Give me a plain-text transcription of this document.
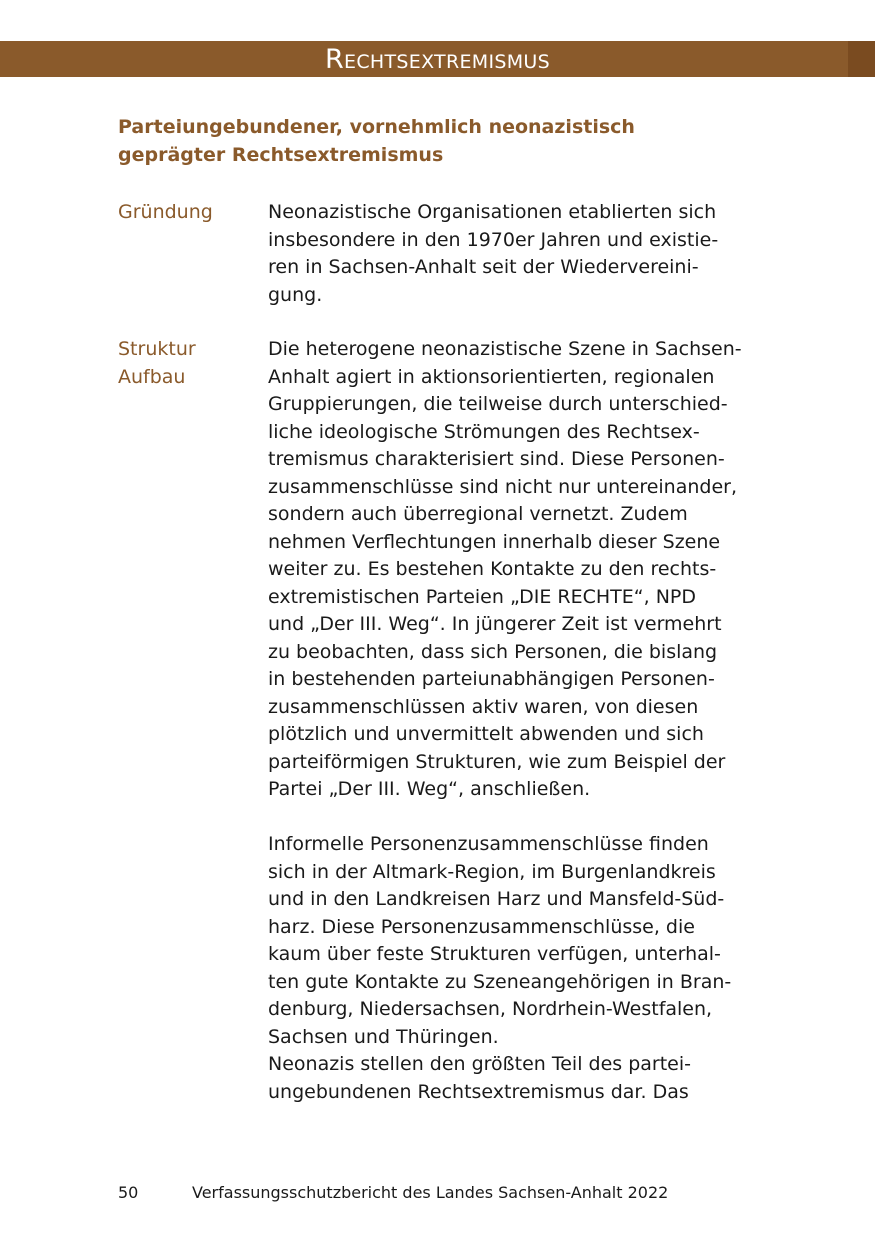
Rechtsextremismus
Parteiungebundener, vornehmlich neonazistisch
geprägter Rechtsextremismus
Gründung	Neonazistische Organisationen etablierten sich
insbesondere in den 1970er Jahren und existie-
ren in Sachsen-Anhalt seit der Wiedervereini-
gung.
Struktur
Aufbau
Die heterogene neonazistische Szene in Sachsen-
Anhalt agiert in aktionsorientierten, regionalen
Gruppierungen, die teilweise durch unterschied-
liche ideologische Strömungen des Rechtsex-
tremismus charakterisiert sind. Diese Personen-
zusammenschlüsse sind nicht nur untereinander,
sondern auch überregional vernetzt. Zudem
nehmen Verflechtungen innerhalb dieser Szene
weiter zu. Es bestehen Kontakte zu den rechts-
extremistischen Parteien „DIE RECHTE“, NPD
und „Der III. Weg“. In jüngerer Zeit ist vermehrt
zu beobachten, dass sich Personen, die bislang
in bestehenden parteiunabhängigen Personen-
zusammenschlüssen aktiv waren, von diesen
plötzlich und unvermittelt abwenden und sich
parteiförmigen Strukturen, wie zum Beispiel der
Partei „Der III. Weg“, anschließen.
Informelle Personenzusammenschlüsse finden
sich in der Altmark-Region, im Burgenlandkreis
und in den Landkreisen Harz und Mansfeld-Süd-
harz. Diese Personenzusammenschlüsse, die
kaum über feste Strukturen verfügen, unterhal-
ten gute Kontakte zu Szeneangehörigen in Bran-
denburg, Niedersachsen, Nordrhein-Westfalen,
Sachsen und Thüringen.
Neonazis stellen den größten Teil des partei-
ungebundenen Rechtsextremismus dar. Das
50	Verfassungsschutzbericht des Landes Sachsen-Anhalt 2022
